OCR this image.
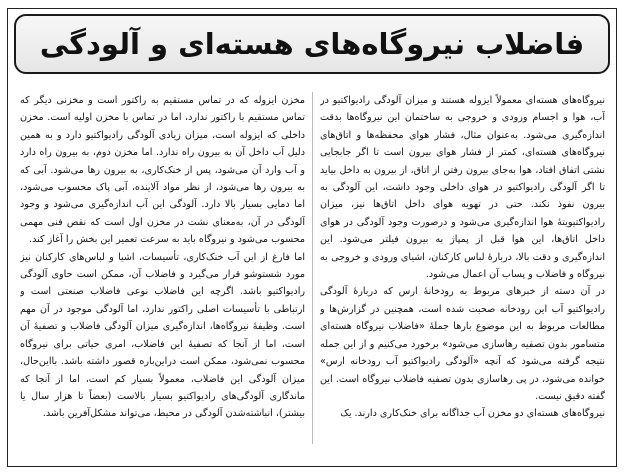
فاضلاب نیروگاه‌های هسته‌ای و آلودگی

نیروگاه‌های هسته‌ای معمولاً ایزوله هستند و میزان آلودگی رادیواکتیو در آب، هوا و اجسام ورودی و خروجی به ساختمان این نیروگاه‌ها بدقت اندازه‌گیری می‌شود. به‌عنوان مثال، فشار هوای محفظه‌ها و اتاق‌های نیروگاه‌های هسته‌ای، کمتر از فشار هوای بیرون است تا اگر جابجایی نشتی اتفاق افتاد، هوا به‌جای بیرون رفتن از اتاق، از بیرون به داخل بیاید تا اگر آلودگی رادیواکتیو در هوای داخلی وجود داشت، این آلودگی به بیرون نفوذ نکند. حتی در تهویه هوای داخل اتاق‌ها نیز، میزان رادیواکتیویتهٔ هوا اندازه‌گیری می‌شود و درصورت وجود آلودگی در هوای داخل اتاق‌ها، این هوا قبل از پمپاژ به بیرون فیلتر می‌شود. این اندازه‌گیری و دقت بالا، دربارهٔ لباس کارکنان، اشیای ورودی و خروجی به نیروگاه و فاضلاب و پساب آن اعمال می‌شود.

در آن دسته از خبرهای مربوط به رودخانهٔ ارس که دربارهٔ آلودگی رادیواکتیو آب این رودخانه صحبت شده است، همچنین در گزارش‌ها و مطالعات مربوط به این موضوع بارها جملهٔ «فاضلاب نیروگاه هسته‌ای متسامور بدون تصفیه رهاسازی می‌شود» برخورد می‌کنیم و از این جمله نتیجه گرفته می‌شود که آنچه «آلودگی رادیواکتیو آب رودخانه ارس» خوانده می‌شود، در پی رهاسازی بدون تصفیه فاضلاب نیروگاه است. این گفته دقیق نیست.

نیروگاه‌های هسته‌ای دو مخزن آب جداگانه برای خنک‌کاری دارند. یک

مخزن ایزوله که در تماس مستقیم به راکتور است و مخزنی دیگر که تماس مستقیم با راکتور ندارد، اما در تماس با مخزن اولیه است. مخزن داخلی که ایزوله است، میزان زیادی آلودگی رادیواکتیو دارد و به همین دلیل آب داخل آن به بیرون راه ندارد. اما مخزن دوم، به بیرون راه دارد و آب وارد آن می‌شود، پس از خنک‌کاری، به بیرون رها می‌شود. آبی که به بیرون رها می‌شود، از نظر مواد آلاینده، آبی پاک محسوب می‌شود، اما دمایی بسیار بالا دارد. آلودگی این آب اندازه‌گیری می‌شود و وجود آلودگی در آن، به‌معنای نشت در مخزن اول است که نقص فنی مهمی محسوب می‌شود و نیروگاه باید به سرعت تعمیر این بخش را آغاز کند.

اما فارغ از این آب خنک‌کاری، تأسیسات، اشیا و لباس‌های کارکنان نیز مورد شستوشو قرار می‌گیرد و فاضلاب آن، ممکن است حاوی آلودگی رادیواکتیو باشد. اگرچه این فاضلاب نوعی فاضلاب صنعتی است و ارتباطی با تأسیسات اصلی راکتور ندارد، اما آلودگی موجود در آن مهم است. وظیفهٔ نیروگاه‌ها، اندازه‌گیری میزان آلودگی فاضلاب و تصفیهٔ آن است، اما از آنجا که تصفیهٔ این فاضلاب، امری حیاتی برای نیروگاه محسوب نمی‌شود، ممکن است دراین‌باره قصور داشته باشد. بااین‌حال، میزان آلودگی این فاضلاب، معمولاً بسیار کم است، اما از آنجا که ماندگاری آلودگی‌های رادیواکتیو بسیار بالاست (بعضاً تا هزار سال یا بیشتر)، انباشته‌شدن آلودگی در محیط، می‌تواند مشکل‌آفرین باشد.
